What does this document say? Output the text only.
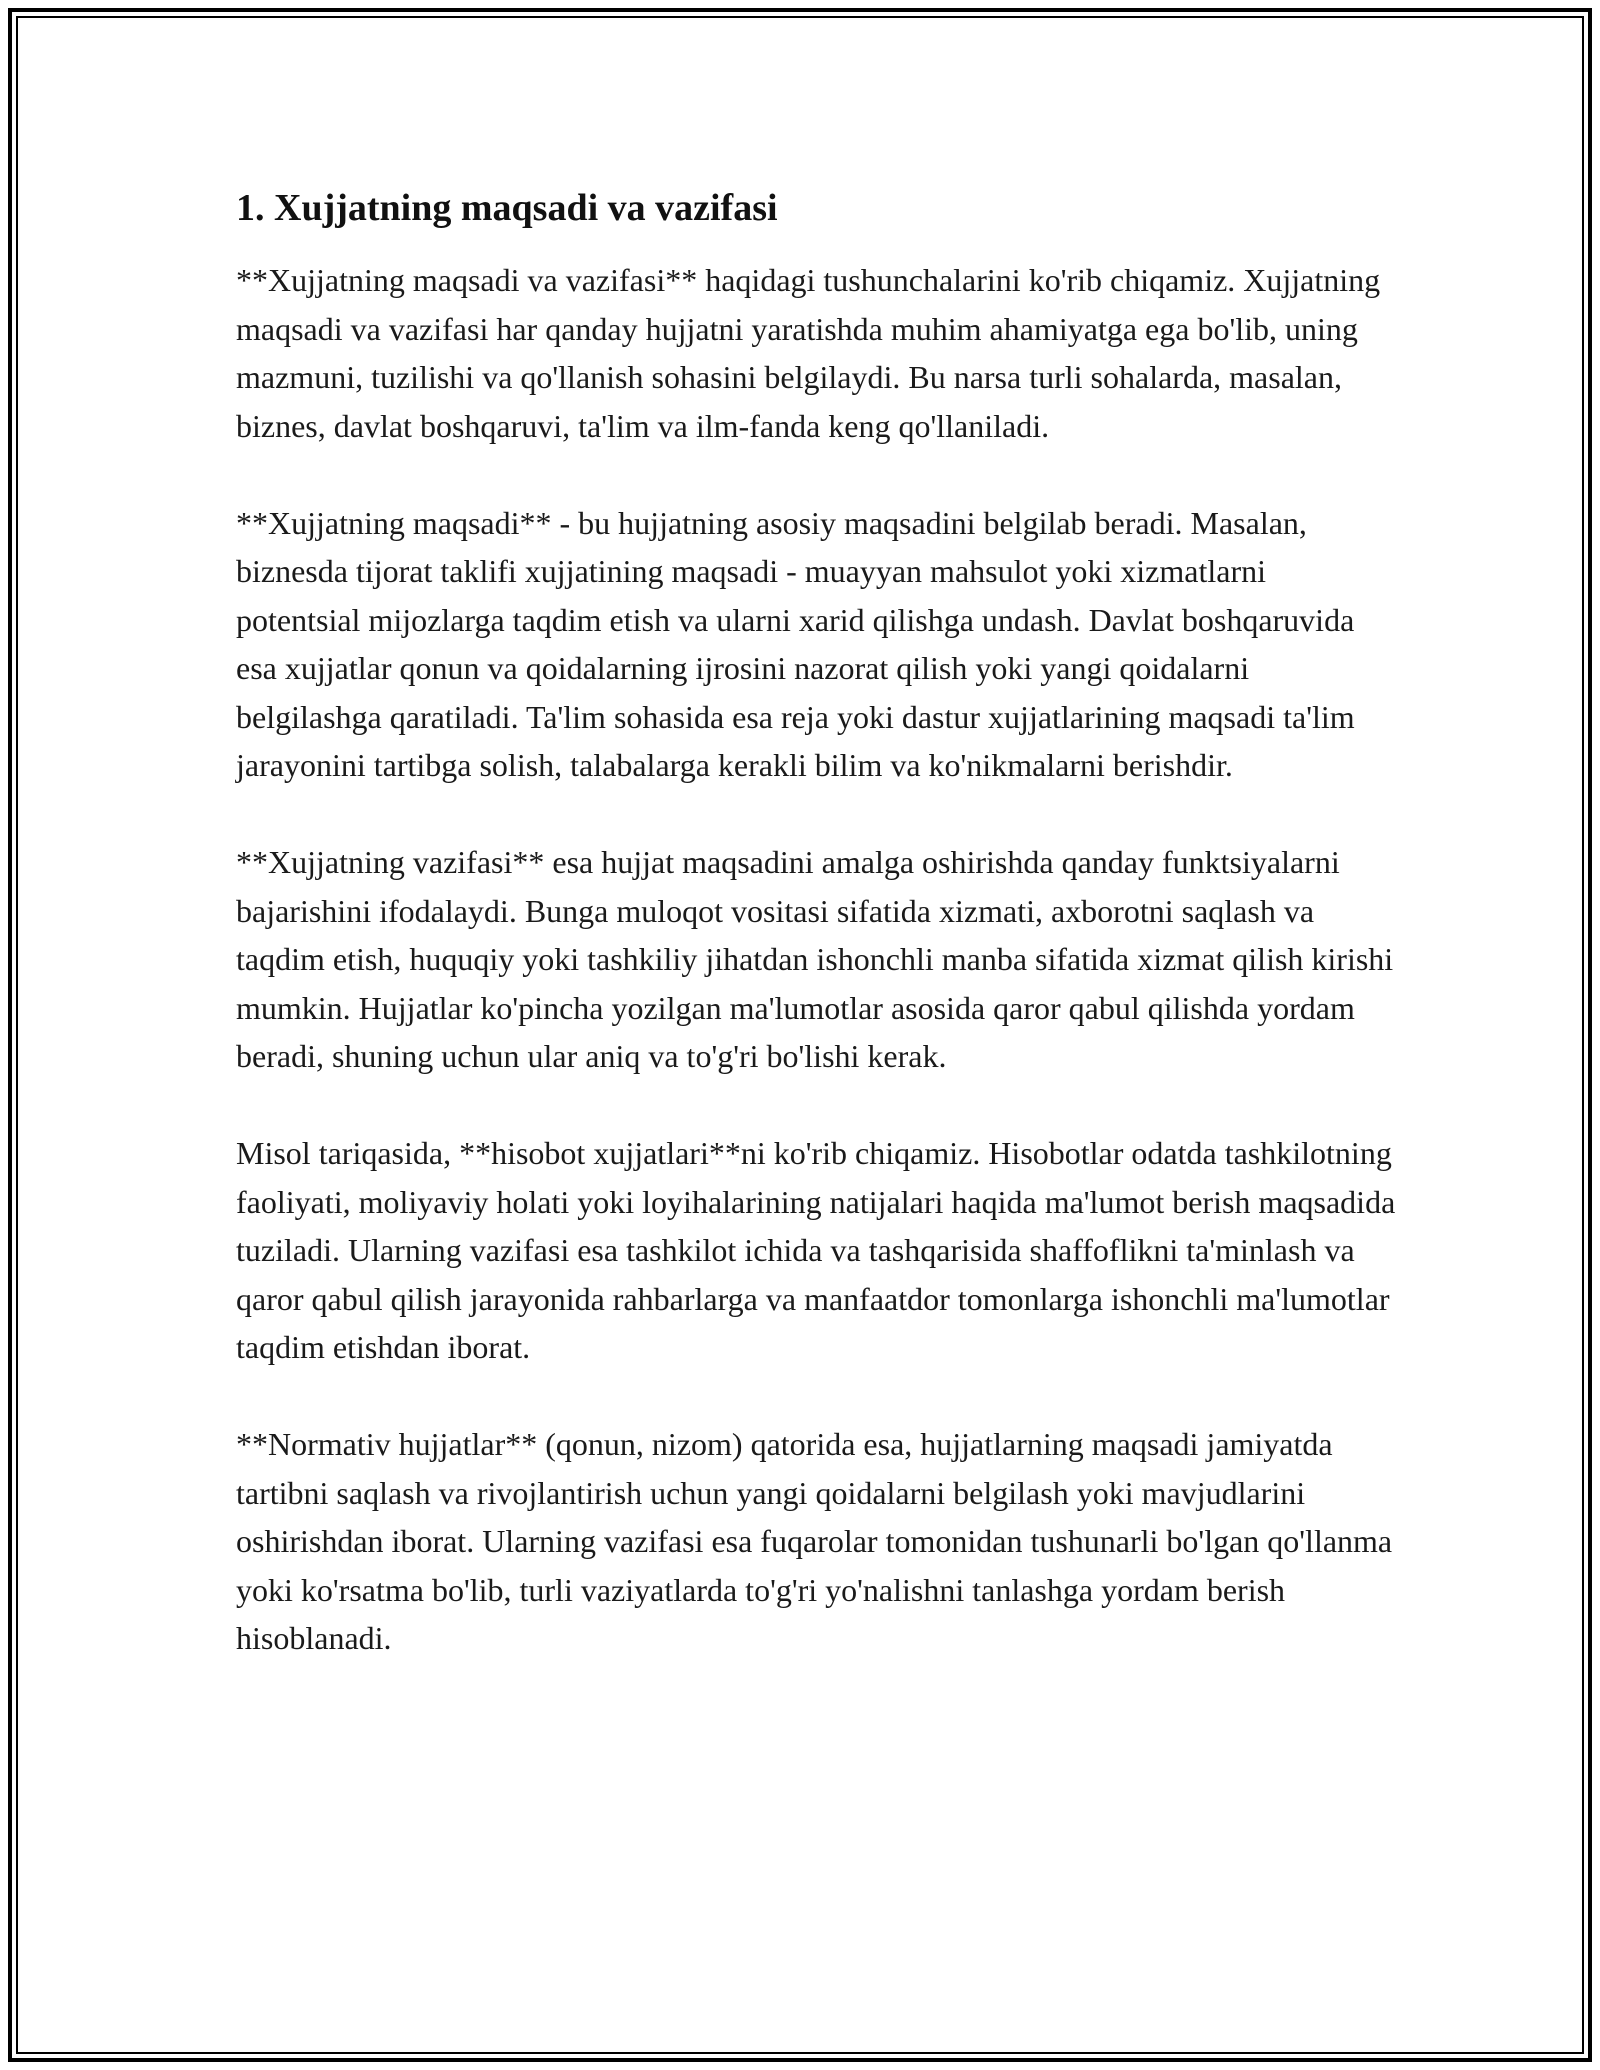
1. Xujjatning maqsadi va vazifasi

**Xujjatning maqsadi va vazifasi** haqidagi tushunchalarini ko'rib chiqamiz. Xujjatning maqsadi va vazifasi har qanday hujjatni yaratishda muhim ahamiyatga ega bo'lib, uning mazmuni, tuzilishi va qo'llanish sohasini belgilaydi. Bu narsa turli sohalarda, masalan, biznes, davlat boshqaruvi, ta'lim va ilm-fanda keng qo'llaniladi.

**Xujjatning maqsadi** - bu hujjatning asosiy maqsadini belgilab beradi. Masalan, biznesda tijorat taklifi xujjatining maqsadi - muayyan mahsulot yoki xizmatlarni potentsial mijozlarga taqdim etish va ularni xarid qilishga undash. Davlat boshqaruvida esa xujjatlar qonun va qoidalarning ijrosini nazorat qilish yoki yangi qoidalarni belgilashga qaratiladi. Ta'lim sohasida esa reja yoki dastur xujjatlarining maqsadi ta'lim jarayonini tartibga solish, talabalarga kerakli bilim va ko'nikmalarni berishdir.

**Xujjatning vazifasi** esa hujjat maqsadini amalga oshirishda qanday funktsiyalarni bajarishini ifodalaydi. Bunga muloqot vositasi sifatida xizmati, axborotni saqlash va taqdim etish, huquqiy yoki tashkiliy jihatdan ishonchli manba sifatida xizmat qilish kirishi mumkin. Hujjatlar ko'pincha yozilgan ma'lumotlar asosida qaror qabul qilishda yordam beradi, shuning uchun ular aniq va to'g'ri bo'lishi kerak.

Misol tariqasida, **hisobot xujjatlari**ni ko'rib chiqamiz. Hisobotlar odatda tashkilotning faoliyati, moliyaviy holati yoki loyihalarining natijalari haqida ma'lumot berish maqsadida tuziladi. Ularning vazifasi esa tashkilot ichida va tashqarisida shaffoflikni ta'minlash va qaror qabul qilish jarayonida rahbarlarga va manfaatdor tomonlarga ishonchli ma'lumotlar taqdim etishdan iborat.

**Normativ hujjatlar** (qonun, nizom) qatorida esa, hujjatlarning maqsadi jamiyatda tartibni saqlash va rivojlantirish uchun yangi qoidalarni belgilash yoki mavjudlarini oshirishdan iborat. Ularning vazifasi esa fuqarolar tomonidan tushunarli bo'lgan qo'llanma yoki ko'rsatma bo'lib, turli vaziyatlarda to'g'ri yo'nalishni tanlashga yordam berish hisoblanadi.
